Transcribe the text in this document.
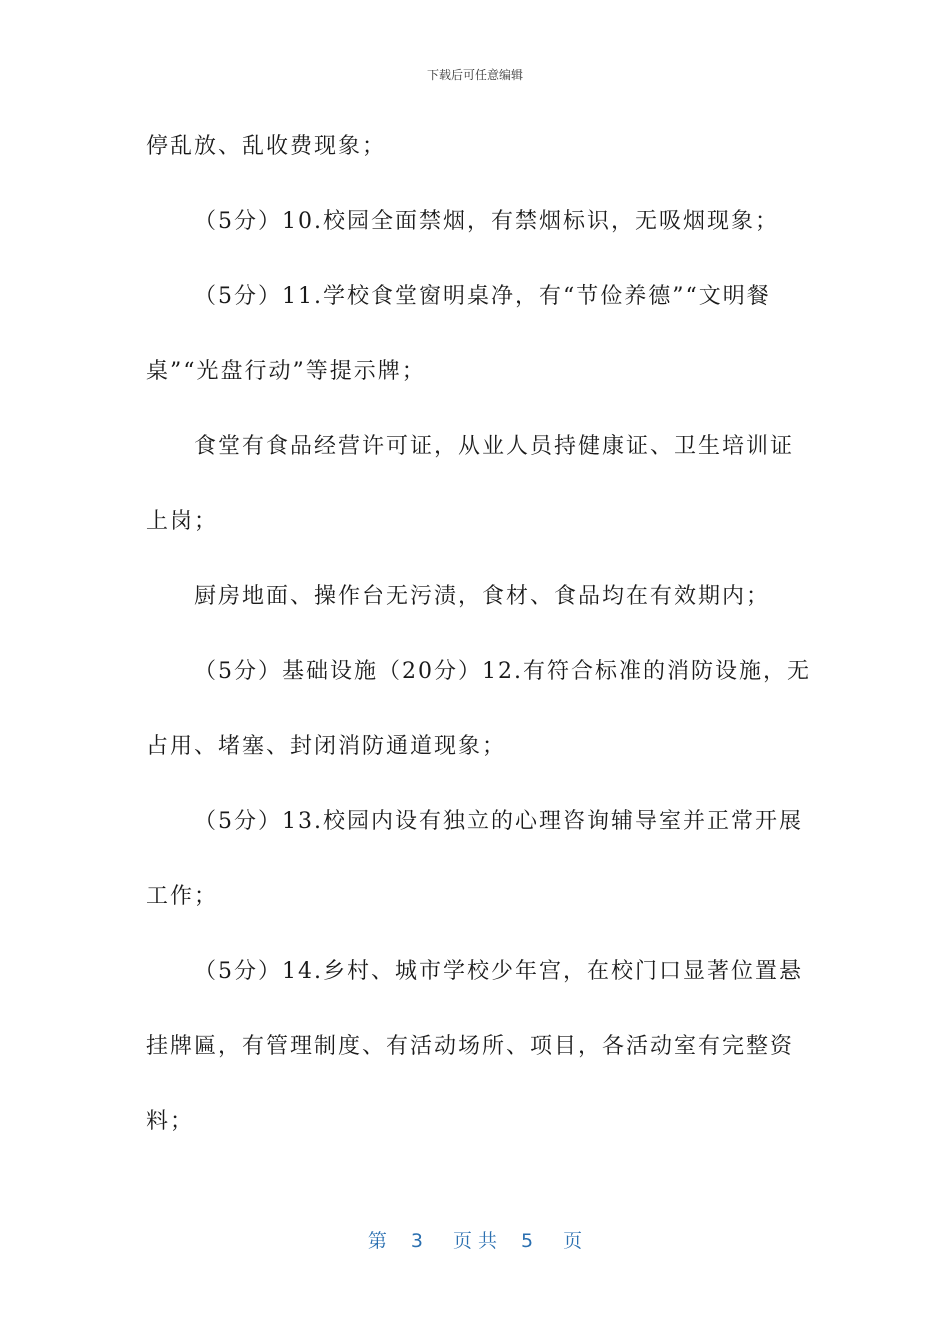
下载后可任意编辑
停乱放、乱收费现象；
（5分）10.校园全面禁烟，有禁烟标识，无吸烟现象；
（5分）11.学校食堂窗明桌净，有“节俭养德”“文明餐
桌”“光盘行动”等提示牌；
食堂有食品经营许可证，从业人员持健康证、卫生培训证
上岗；
厨房地面、操作台无污渍，食材、食品均在有效期内；
（5分）基础设施（20分）12.有符合标准的消防设施，无
占用、堵塞、封闭消防通道现象；
（5分）13.校园内设有独立的心理咨询辅导室并正常开展
工作；
（5分）14.乡村、城市学校少年宫，在校门口显著位置悬
挂牌匾，有管理制度、有活动场所、项目，各活动室有完整资
料；
第 3 页 共 5 页
